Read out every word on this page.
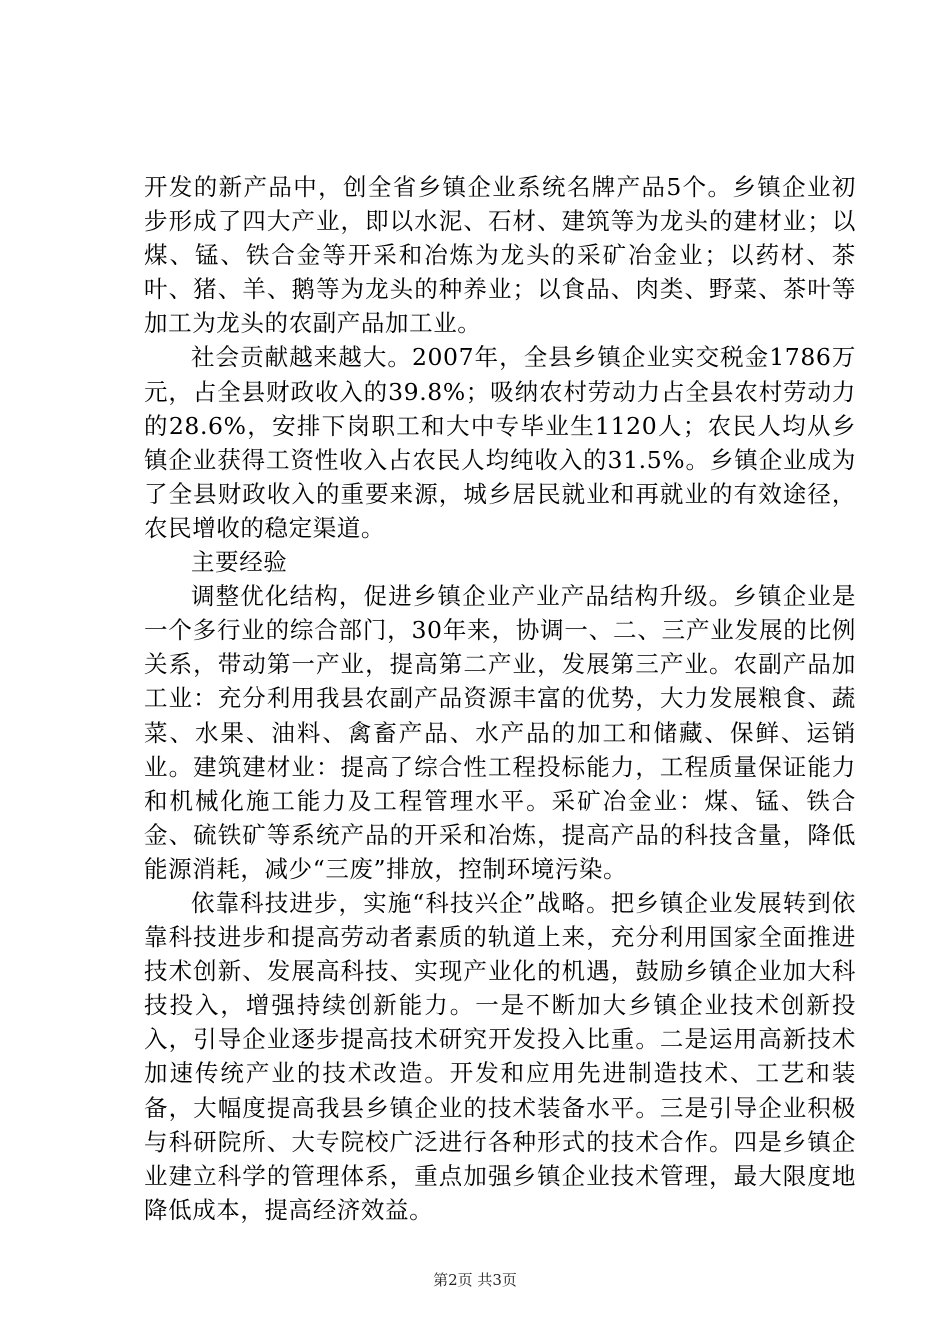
开发的新产品中，创全省乡镇企业系统名牌产品5个。乡镇企业初步形成了四大产业，即以水泥、石材、建筑等为龙头的建材业；以煤、锰、铁合金等开采和冶炼为龙头的采矿冶金业；以药材、茶叶、猪、羊、鹅等为龙头的种养业；以食品、肉类、野菜、茶叶等加工为龙头的农副产品加工业。

社会贡献越来越大。2007年，全县乡镇企业实交税金1786万元，占全县财政收入的39.8%；吸纳农村劳动力占全县农村劳动力的28.6%，安排下岗职工和大中专毕业生1120人；农民人均从乡镇企业获得工资性收入占农民人均纯收入的31.5%。乡镇企业成为了全县财政收入的重要来源，城乡居民就业和再就业的有效途径，农民增收的稳定渠道。

主要经验

调整优化结构，促进乡镇企业产业产品结构升级。乡镇企业是一个多行业的综合部门，30年来，协调一、二、三产业发展的比例关系，带动第一产业，提高第二产业，发展第三产业。农副产品加工业：充分利用我县农副产品资源丰富的优势，大力发展粮食、蔬菜、水果、油料、禽畜产品、水产品的加工和储藏、保鲜、运销业。建筑建材业：提高了综合性工程投标能力，工程质量保证能力和机械化施工能力及工程管理水平。采矿冶金业：煤、锰、铁合金、硫铁矿等系统产品的开采和冶炼，提高产品的科技含量，降低能源消耗，减少“三废”排放，控制环境污染。

依靠科技进步，实施“科技兴企”战略。把乡镇企业发展转到依靠科技进步和提高劳动者素质的轨道上来，充分利用国家全面推进技术创新、发展高科技、实现产业化的机遇，鼓励乡镇企业加大科技投入，增强持续创新能力。一是不断加大乡镇企业技术创新投入，引导企业逐步提高技术研究开发投入比重。二是运用高新技术加速传统产业的技术改造。开发和应用先进制造技术、工艺和装备，大幅度提高我县乡镇企业的技术装备水平。三是引导企业积极与科研院所、大专院校广泛进行各种形式的技术合作。四是乡镇企业建立科学的管理体系，重点加强乡镇企业技术管理，最大限度地降低成本，提高经济效益。

第2页 共3页
